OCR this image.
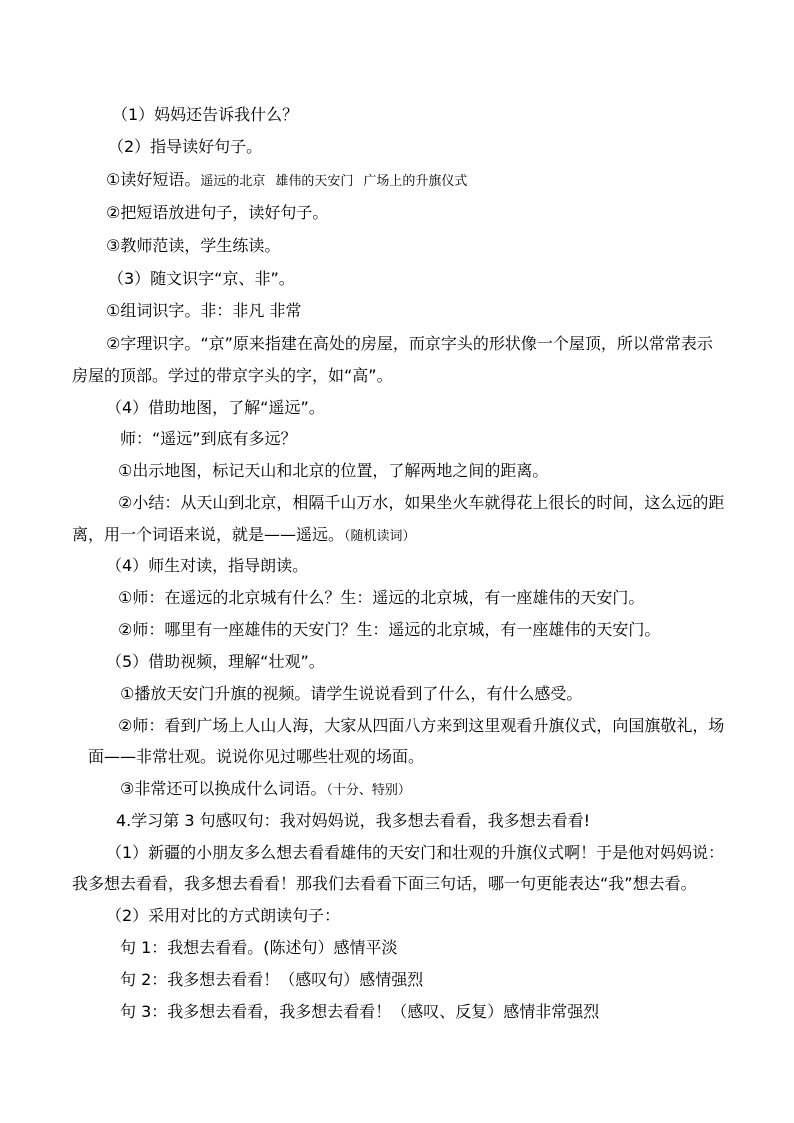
（1）妈妈还告诉我什么？
（2）指导读好句子。
①读好短语。遥远的北京 雄伟的天安门 广场上的升旗仪式
②把短语放进句子，读好句子。
③教师范读，学生练读。
（3）随文识字“京、非”。
①组词识字。非：非凡 非常
②字理识字。“京”原来指建在高处的房屋，而京字头的形状像一个屋顶，所以常常表示
房屋的顶部。学过的带京字头的字，如“高”。
（4）借助地图，了解“遥远”。
师：“遥远”到底有多远？
①出示地图，标记天山和北京的位置，了解两地之间的距离。
②小结：从天山到北京，相隔千山万水，如果坐火车就得花上很长的时间，这么远的距
离，用一个词语来说，就是——遥远。（随机读词）
（4）师生对读，指导朗读。
①师：在遥远的北京城有什么？生：遥远的北京城，有一座雄伟的天安门。
②师：哪里有一座雄伟的天安门？生：遥远的北京城，有一座雄伟的天安门。
（5）借助视频，理解“壮观”。
①播放天安门升旗的视频。请学生说说看到了什么，有什么感受。
②师：看到广场上人山人海，大家从四面八方来到这里观看升旗仪式，向国旗敬礼，场
面——非常壮观。说说你见过哪些壮观的场面。
③非常还可以换成什么词语。（十分、特别）
4.学习第 3 句感叹句：我对妈妈说，我多想去看看，我多想去看看!
（1）新疆的小朋友多么想去看看雄伟的天安门和壮观的升旗仪式啊！于是他对妈妈说：
我多想去看看，我多想去看看！那我们去看看下面三句话，哪一句更能表达“我”想去看。
（2）采用对比的方式朗读句子：
句 1：我想去看看。(陈述句）感情平淡
句 2：我多想去看看！（感叹句）感情强烈
句 3：我多想去看看，我多想去看看！（感叹、反复）感情非常强烈
